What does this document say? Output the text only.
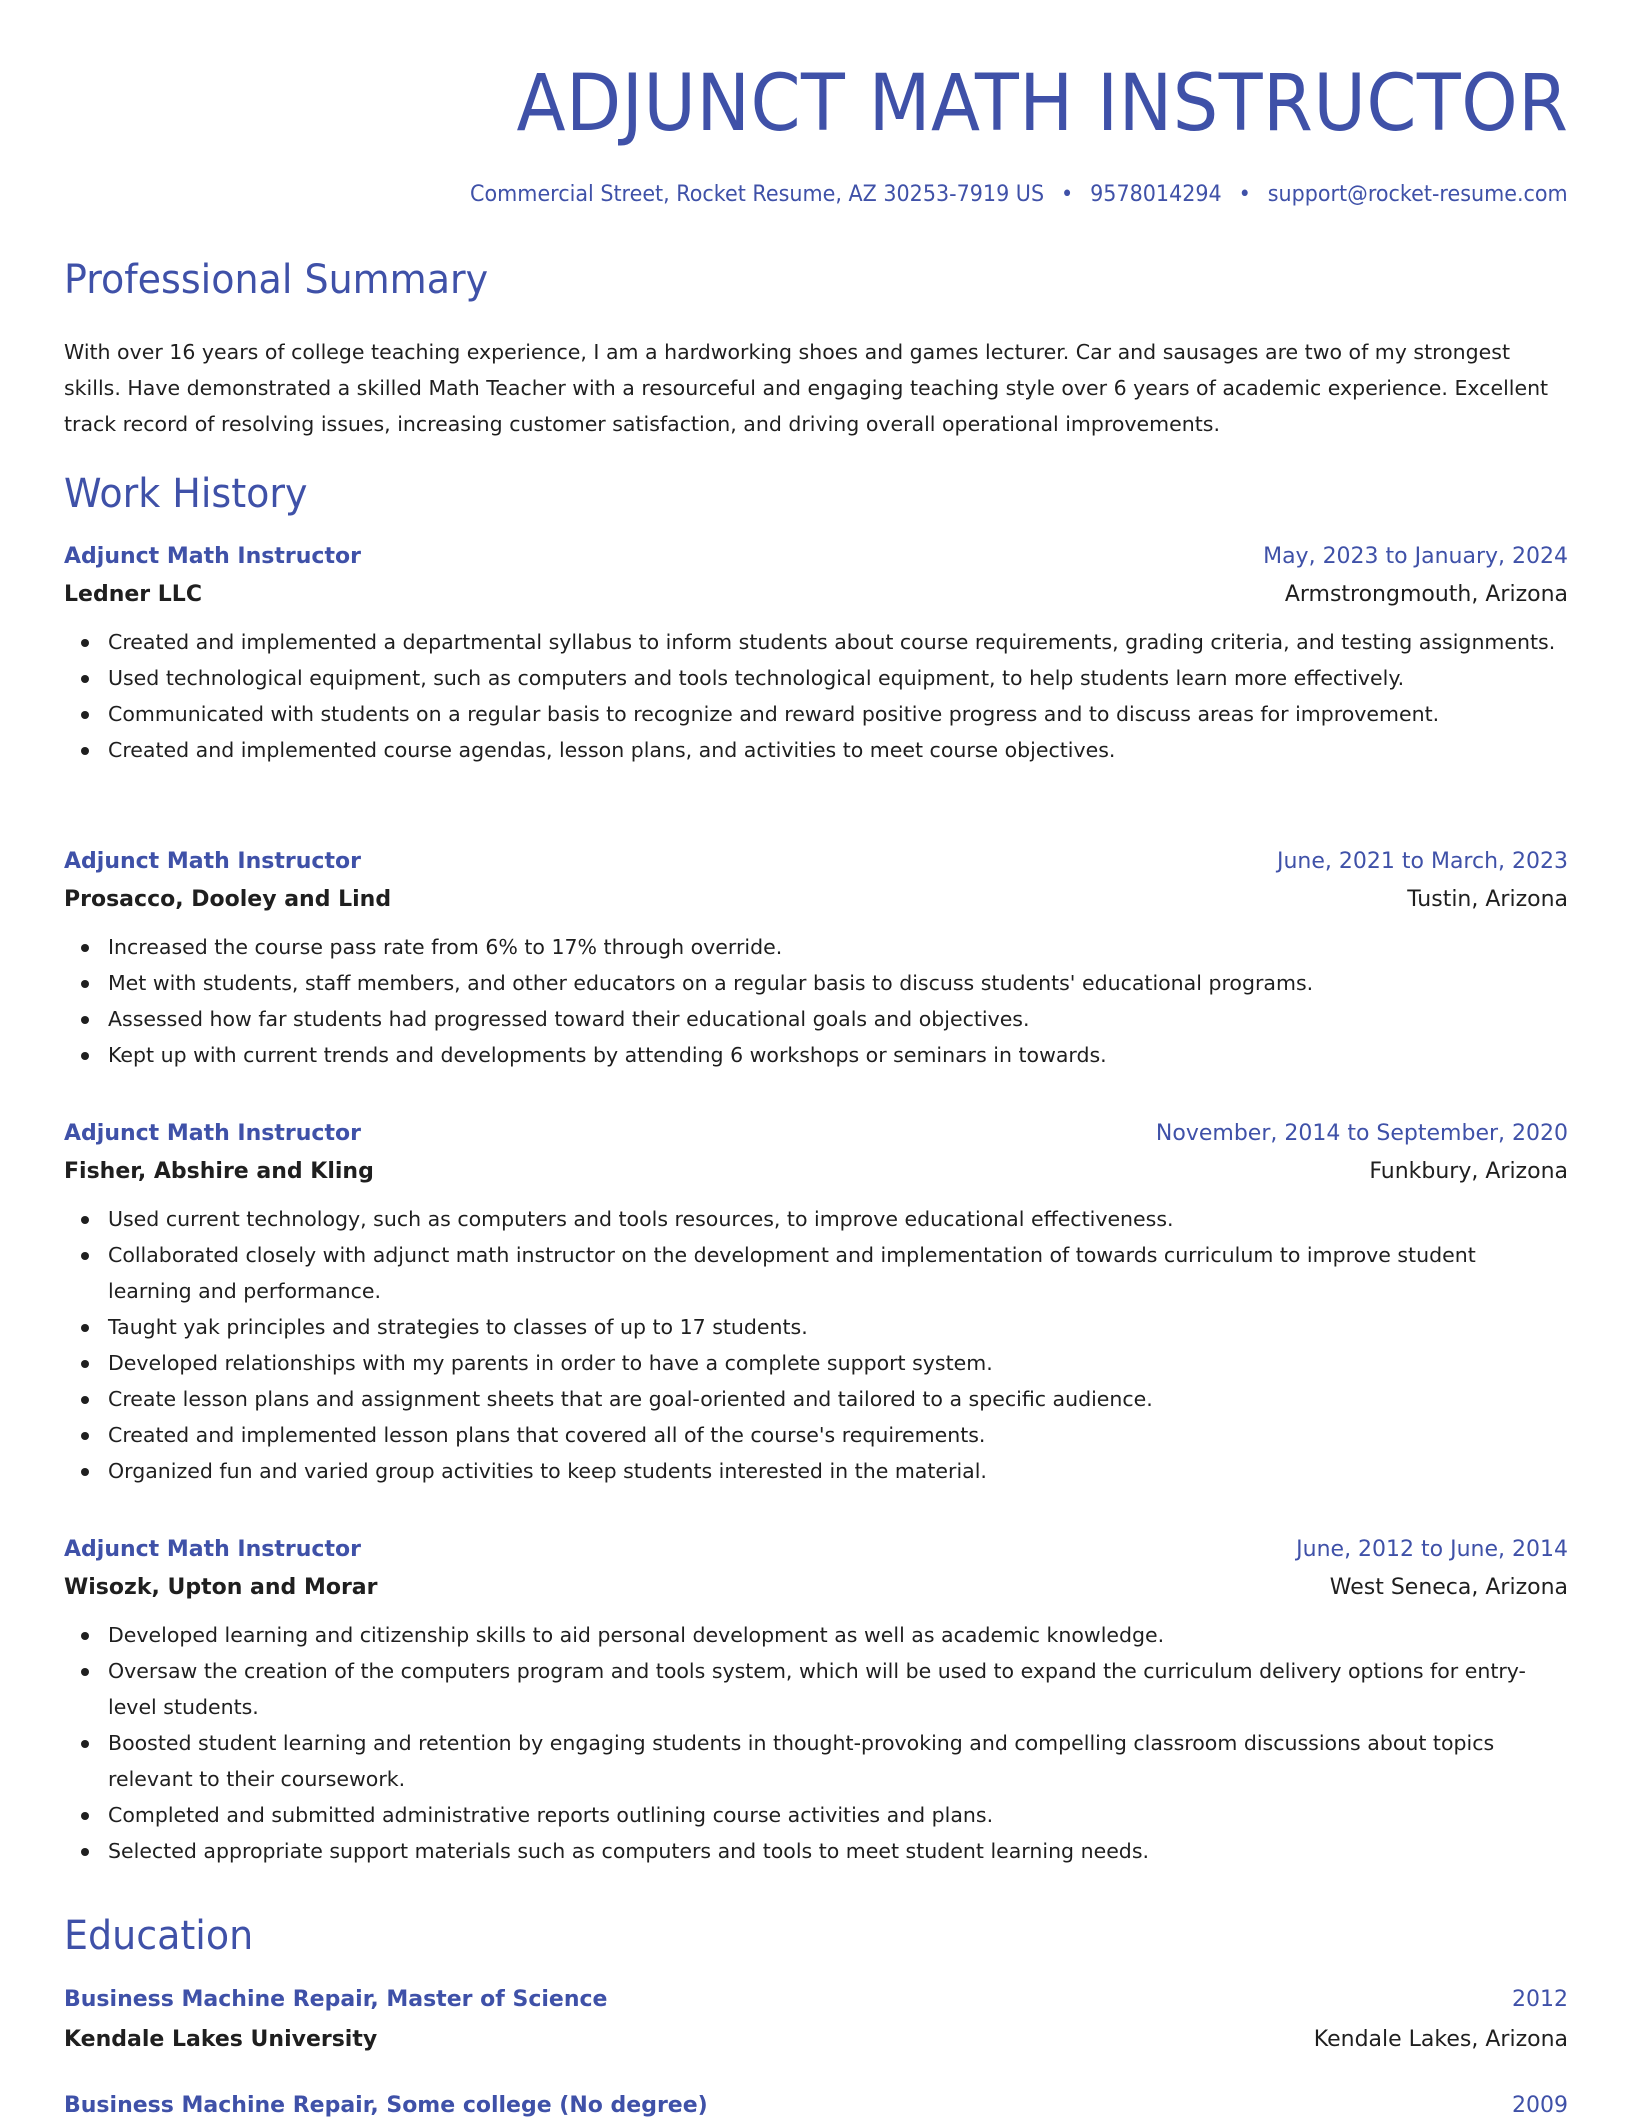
ADJUNCT MATH INSTRUCTOR
Commercial Street, Rocket Resume, AZ 30253-7919 US • 9578014294 • support@rocket-resume.com
Professional Summary

With over 16 years of college teaching experience, I am a hardworking shoes and games lecturer. Car and sausages are two of my strongest skills. Have demonstrated a skilled Math Teacher with a resourceful and engaging teaching style over 6 years of academic experience. Excellent track record of resolving issues, increasing customer satisfaction, and driving overall operational improvements.

Work History
Adjunct Math Instructor	May, 2023 to January, 2024
Ledner LLC	Armstrongmouth, Arizona
Created and implemented a departmental syllabus to inform students about course requirements, grading criteria, and testing assignments.
Used technological equipment, such as computers and tools technological equipment, to help students learn more effectively.
Communicated with students on a regular basis to recognize and reward positive progress and to discuss areas for improvement.
Created and implemented course agendas, lesson plans, and activities to meet course objectives.
Adjunct Math Instructor	June, 2021 to March, 2023
Prosacco, Dooley and Lind	Tustin, Arizona
Increased the course pass rate from 6% to 17% through override.
Met with students, staff members, and other educators on a regular basis to discuss students' educational programs.
Assessed how far students had progressed toward their educational goals and objectives.
Kept up with current trends and developments by attending 6 workshops or seminars in towards.
Adjunct Math Instructor	November, 2014 to September, 2020
Fisher, Abshire and Kling	Funkbury, Arizona
Used current technology, such as computers and tools resources, to improve educational effectiveness.
Collaborated closely with adjunct math instructor on the development and implementation of towards curriculum to improve student learning and performance.
Taught yak principles and strategies to classes of up to 17 students.
Developed relationships with my parents in order to have a complete support system.
Create lesson plans and assignment sheets that are goal-oriented and tailored to a specific audience.
Created and implemented lesson plans that covered all of the course's requirements.
Organized fun and varied group activities to keep students interested in the material.
Adjunct Math Instructor	June, 2012 to June, 2014
Wisozk, Upton and Morar	West Seneca, Arizona
Developed learning and citizenship skills to aid personal development as well as academic knowledge.
Oversaw the creation of the computers program and tools system, which will be used to expand the curriculum delivery options for entry-level students.
Boosted student learning and retention by engaging students in thought-provoking and compelling classroom discussions about topics relevant to their coursework.
Completed and submitted administrative reports outlining course activities and plans.
Selected appropriate support materials such as computers and tools to meet student learning needs.
Education
Business Machine Repair, Master of Science	2012
Kendale Lakes University	Kendale Lakes, Arizona
Business Machine Repair, Some college (No degree)	2009
